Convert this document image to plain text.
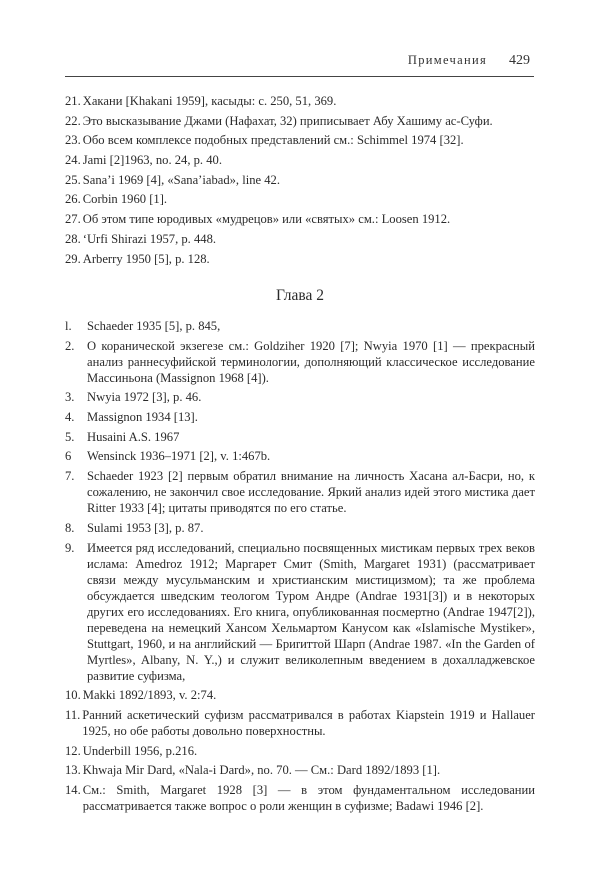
Примечания 429
21. Хакани [Khakani 1959], касыды: с. 250, 51, 369.
22. Это высказывание Джами (Нафахат, 32) приписывает Абу Хашиму ас-Суфи.
23. Обо всем комплексе подобных представлений см.: Schimmel 1974 [32].
24. Jami [2]1963, no. 24, p. 40.
25. Sana’i 1969 [4], «Sana’iabad», line 42.
26. Corbin 1960 [1].
27. Об этом типе юродивых «мудрецов» или «святых» см.: Loosen 1912.
28. ‘Urfi Shirazi 1957, p. 448.
29. Arberry 1950 [5], p. 128.
Глава 2
l.	Schaeder 1935 [5], p. 845,
2. О коранической экзегезе см.: Goldziher 1920 [7]; Nwyia 1970 [1] — прекрасный анализ раннесуфийской терминологии, дополняющий классическое исследование Массиньона (Massignon 1968 [4]).
3. Nwyia 1972 [3], p. 46.
4. Massignon 1934 [13].
5. Husaini A.S. 1967
6	Wensinck 1936–1971 [2], v. 1:467b.
7. Schaeder 1923 [2] первым обратил внимание на личность Хасана ал-Басри, но, к сожалению, не закончил свое исследование. Яркий анализ идей этого мистика дает Ritter 1933 [4]; цитаты приводятся по его статье.
8. Sulami 1953 [3], p. 87.
9. Имеется ряд исследований, специально посвященных мистикам первых трех веков ислама: Amedroz 1912; Маргарет Смит (Smith, Margaret 1931) (рассматривает связи между мусульманским и христианским мистицизмом); та же проблема обсуждается шведским теологом Туром Андре (Andrae 1931[3]) и в некоторых других его исследованиях. Его книга, опубликованная посмертно (Andrae 1947[2]), переведена на немецкий Хансом Хельмартом Канусом как «Islamische Mystiker», Stuttgart, 1960, и на английский — Бриrиттой Шарп (Andrae 1987. «In the Garden of Myrtles», Albany, N. Y.,) и служит великолепным введением в дохалладжевское развитие суфизма,
10. Makki 1892/1893, v. 2:74.
11. Ранний аскетический суфизм рассматривался в работах Kiapstein 1919 и Hallauer 1925, но обе работы довольно поверхностны.
12. Underbill 1956, p.216.
13. Khwaja Mir Dard, «Nala-i Dard», no. 70. — См.: Dard 1892/1893 [1].
14. См.: Smith, Margaret 1928 [3] — в этом фундаментальном исследовании рассматривается также вопрос о роли женщин в суфизме; Badawi 1946 [2].
